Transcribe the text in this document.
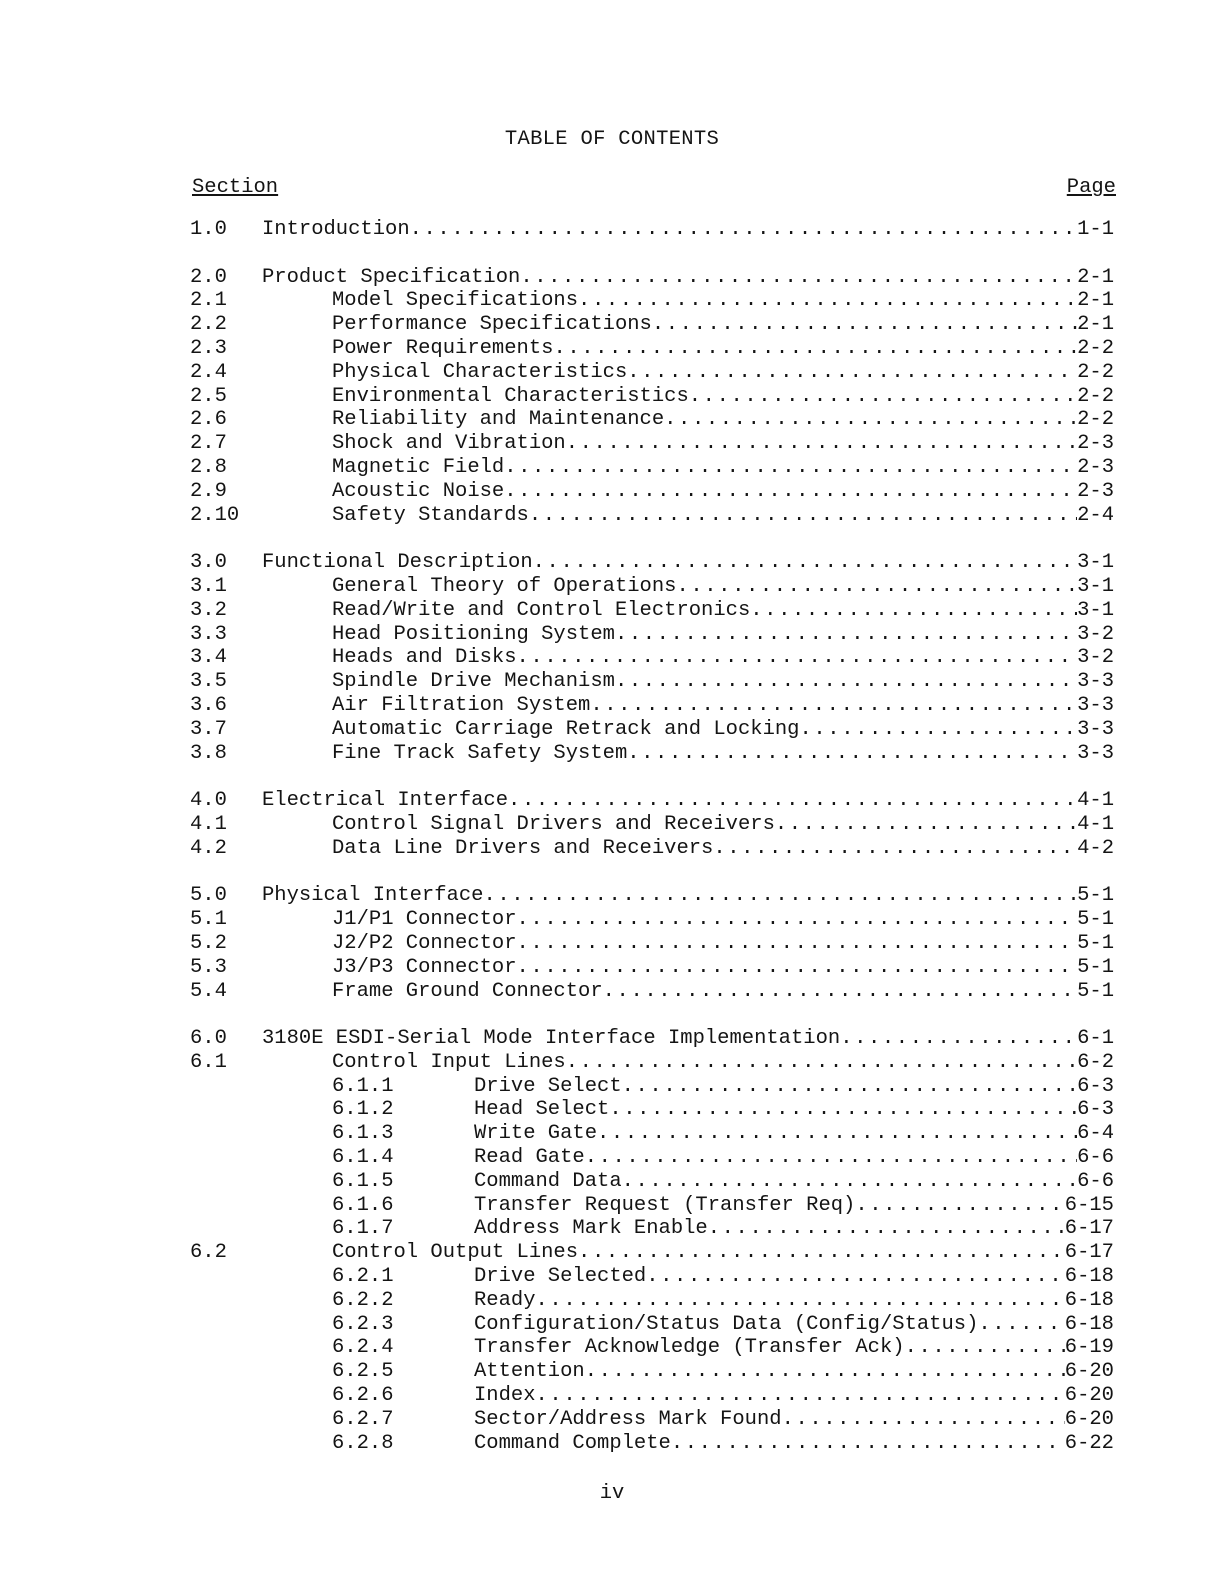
TABLE OF CONTENTS
Section	Page
1.0 Introduction .....	1-1
2.0 Product Specification .....	2-1
2.1	Model Specifications .....	2-1
2.2	Performance Specifications .....	2-1
2.3	Power Requirements .....	2-2
2.4	Physical Characteristics .....	2-2
2.5	Environmental Characteristics .....	2-2
2.6	Reliability and Maintenance .....	2-2
2.7	Shock and Vibration .....	2-3
2.8	Magnetic Field .....	2-3
2.9	Acoustic Noise .....	2-3
2.10	Safety Standards .....	2-4
3.0 Functional Description .....	3-1
3.1	General Theory of Operations .....	3-1
3.2	Read/Write and Control Electronics .....	3-1
3.3	Head Positioning System .....	3-2
3.4	Heads and Disks .....	3-2
3.5	Spindle Drive Mechanism .....	3-3
3.6	Air Filtration System .....	3-3
3.7	Automatic Carriage Retrack and Locking .....	3-3
3.8	Fine Track Safety System .....	3-3
4.0 Electrical Interface .....	4-1
4.1	Control Signal Drivers and Receivers .....	4-1
4.2	Data Line Drivers and Receivers .....	4-2
5.0 Physical Interface .....	5-1
5.1	J1/P1 Connector .....	5-1
5.2	J2/P2 Connector .....	5-1
5.3	J3/P3 Connector .....	5-1
5.4	Frame Ground Connector .....	5-1
6.0 3180E ESDI-Serial Mode Interface Implementation .....	6-1
6.1	Control Input Lines .....	6-2
6.1.1	Drive Select .....	6-3
6.1.2	Head Select .....	6-3
6.1.3	Write Gate .....	6-4
6.1.4	Read Gate .....	6-6
6.1.5	Command Data .....	6-6
6.1.6	Transfer Request (Transfer Req) .....	6-15
6.1.7	Address Mark Enable .....	6-17
6.2	Control Output Lines .....	6-17
6.2.1	Drive Selected .....	6-18
6.2.2	Ready .....	6-18
6.2.3	Configuration/Status Data (Config/Status) .....	6-18
6.2.4	Transfer Acknowledge (Transfer Ack) .....	6-19
6.2.5	Attention .....	6-20
6.2.6	Index .....	6-20
6.2.7	Sector/Address Mark Found .....	6-20
6.2.8	Command Complete .....	6-22
iv
